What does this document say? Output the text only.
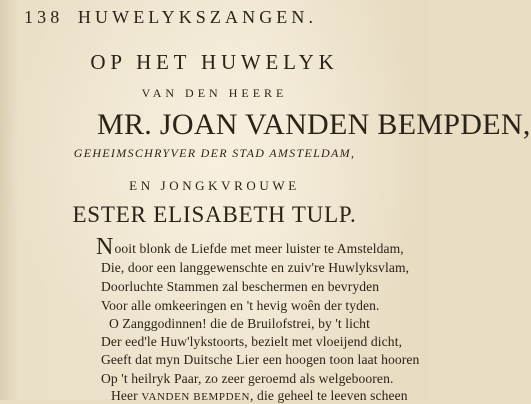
138 HUWELYKSZANGEN.
OP HET HUWELYK
VAN DEN HEERE
MR. JOAN VANDEN BEMPDEN,
GEHEIMSCHRYVER DER STAD AMSTELDAM,
EN JONGKVROUWE
ESTER ELISABETH TULP.
Nooit blonk de Liefde met meer luister te Amsteldam,
Die, door een langgewenschte en zuiv're Huwlyksvlam,
Doorluchte Stammen zal beschermen en bevryden
Voor alle omkeeringen en 't hevig woên der tyden.
O Zanggodinnen! die de Bruilofstrei, by 't licht
Der eed'le Huw'lykstoorts, bezielt met vloeijend dicht,
Geeft dat myn Duitsche Lier een hoogen toon laat hooren
Op 't heilryk Paar, zo zeer geroemd als welgebooren.
Heer VANDEN BEMPDEN, die geheel te leeven scheen
